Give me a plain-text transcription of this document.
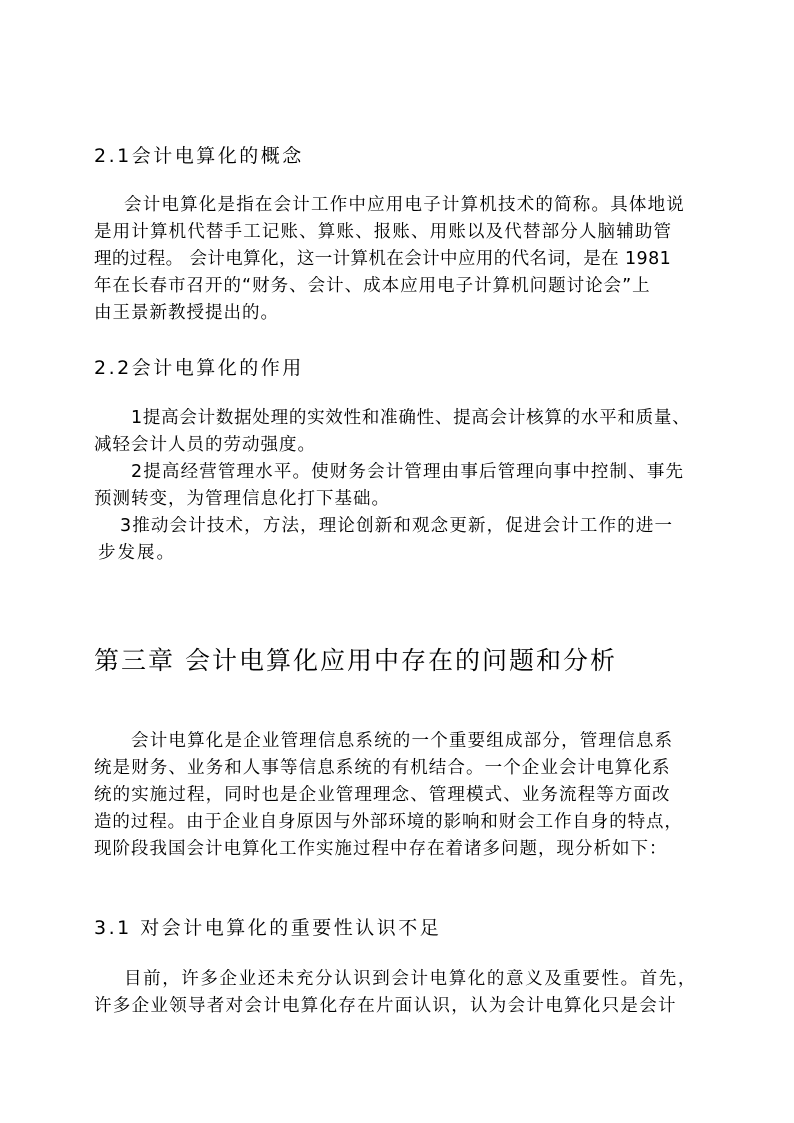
2.1会计电算化的概念
会计电算化是指在会计工作中应用电子计算机技术的简称。具体地说
是用计算机代替手工记账、算账、报账、用账以及代替部分人脑辅助管
理的过程。 会计电算化，这一计算机在会计中应用的代名词，是在 1981
年在长春市召开的“财务、会计、成本应用电子计算机问题讨论会”上
由王景新教授提出的。
2.2会计电算化的作用
1提高会计数据处理的实效性和准确性、提高会计核算的水平和质量、
减轻会计人员的劳动强度。
2提高经营管理水平。使财务会计管理由事后管理向事中控制、事先
预测转变，为管理信息化打下基础。
3推动会计技术，方法，理论创新和观念更新，促进会计工作的进一
步发展。
第三章 会计电算化应用中存在的问题和分析
会计电算化是企业管理信息系统的一个重要组成部分，管理信息系
统是财务、业务和人事等信息系统的有机结合。一个企业会计电算化系
统的实施过程，同时也是企业管理理念、管理模式、业务流程等方面改
造的过程。由于企业自身原因与外部环境的影响和财会工作自身的特点，
现阶段我国会计电算化工作实施过程中存在着诸多问题，现分析如下：
3.1 对会计电算化的重要性认识不足
目前，许多企业还未充分认识到会计电算化的意义及重要性。首先，
许多企业领导者对会计电算化存在片面认识，认为会计电算化只是会计
